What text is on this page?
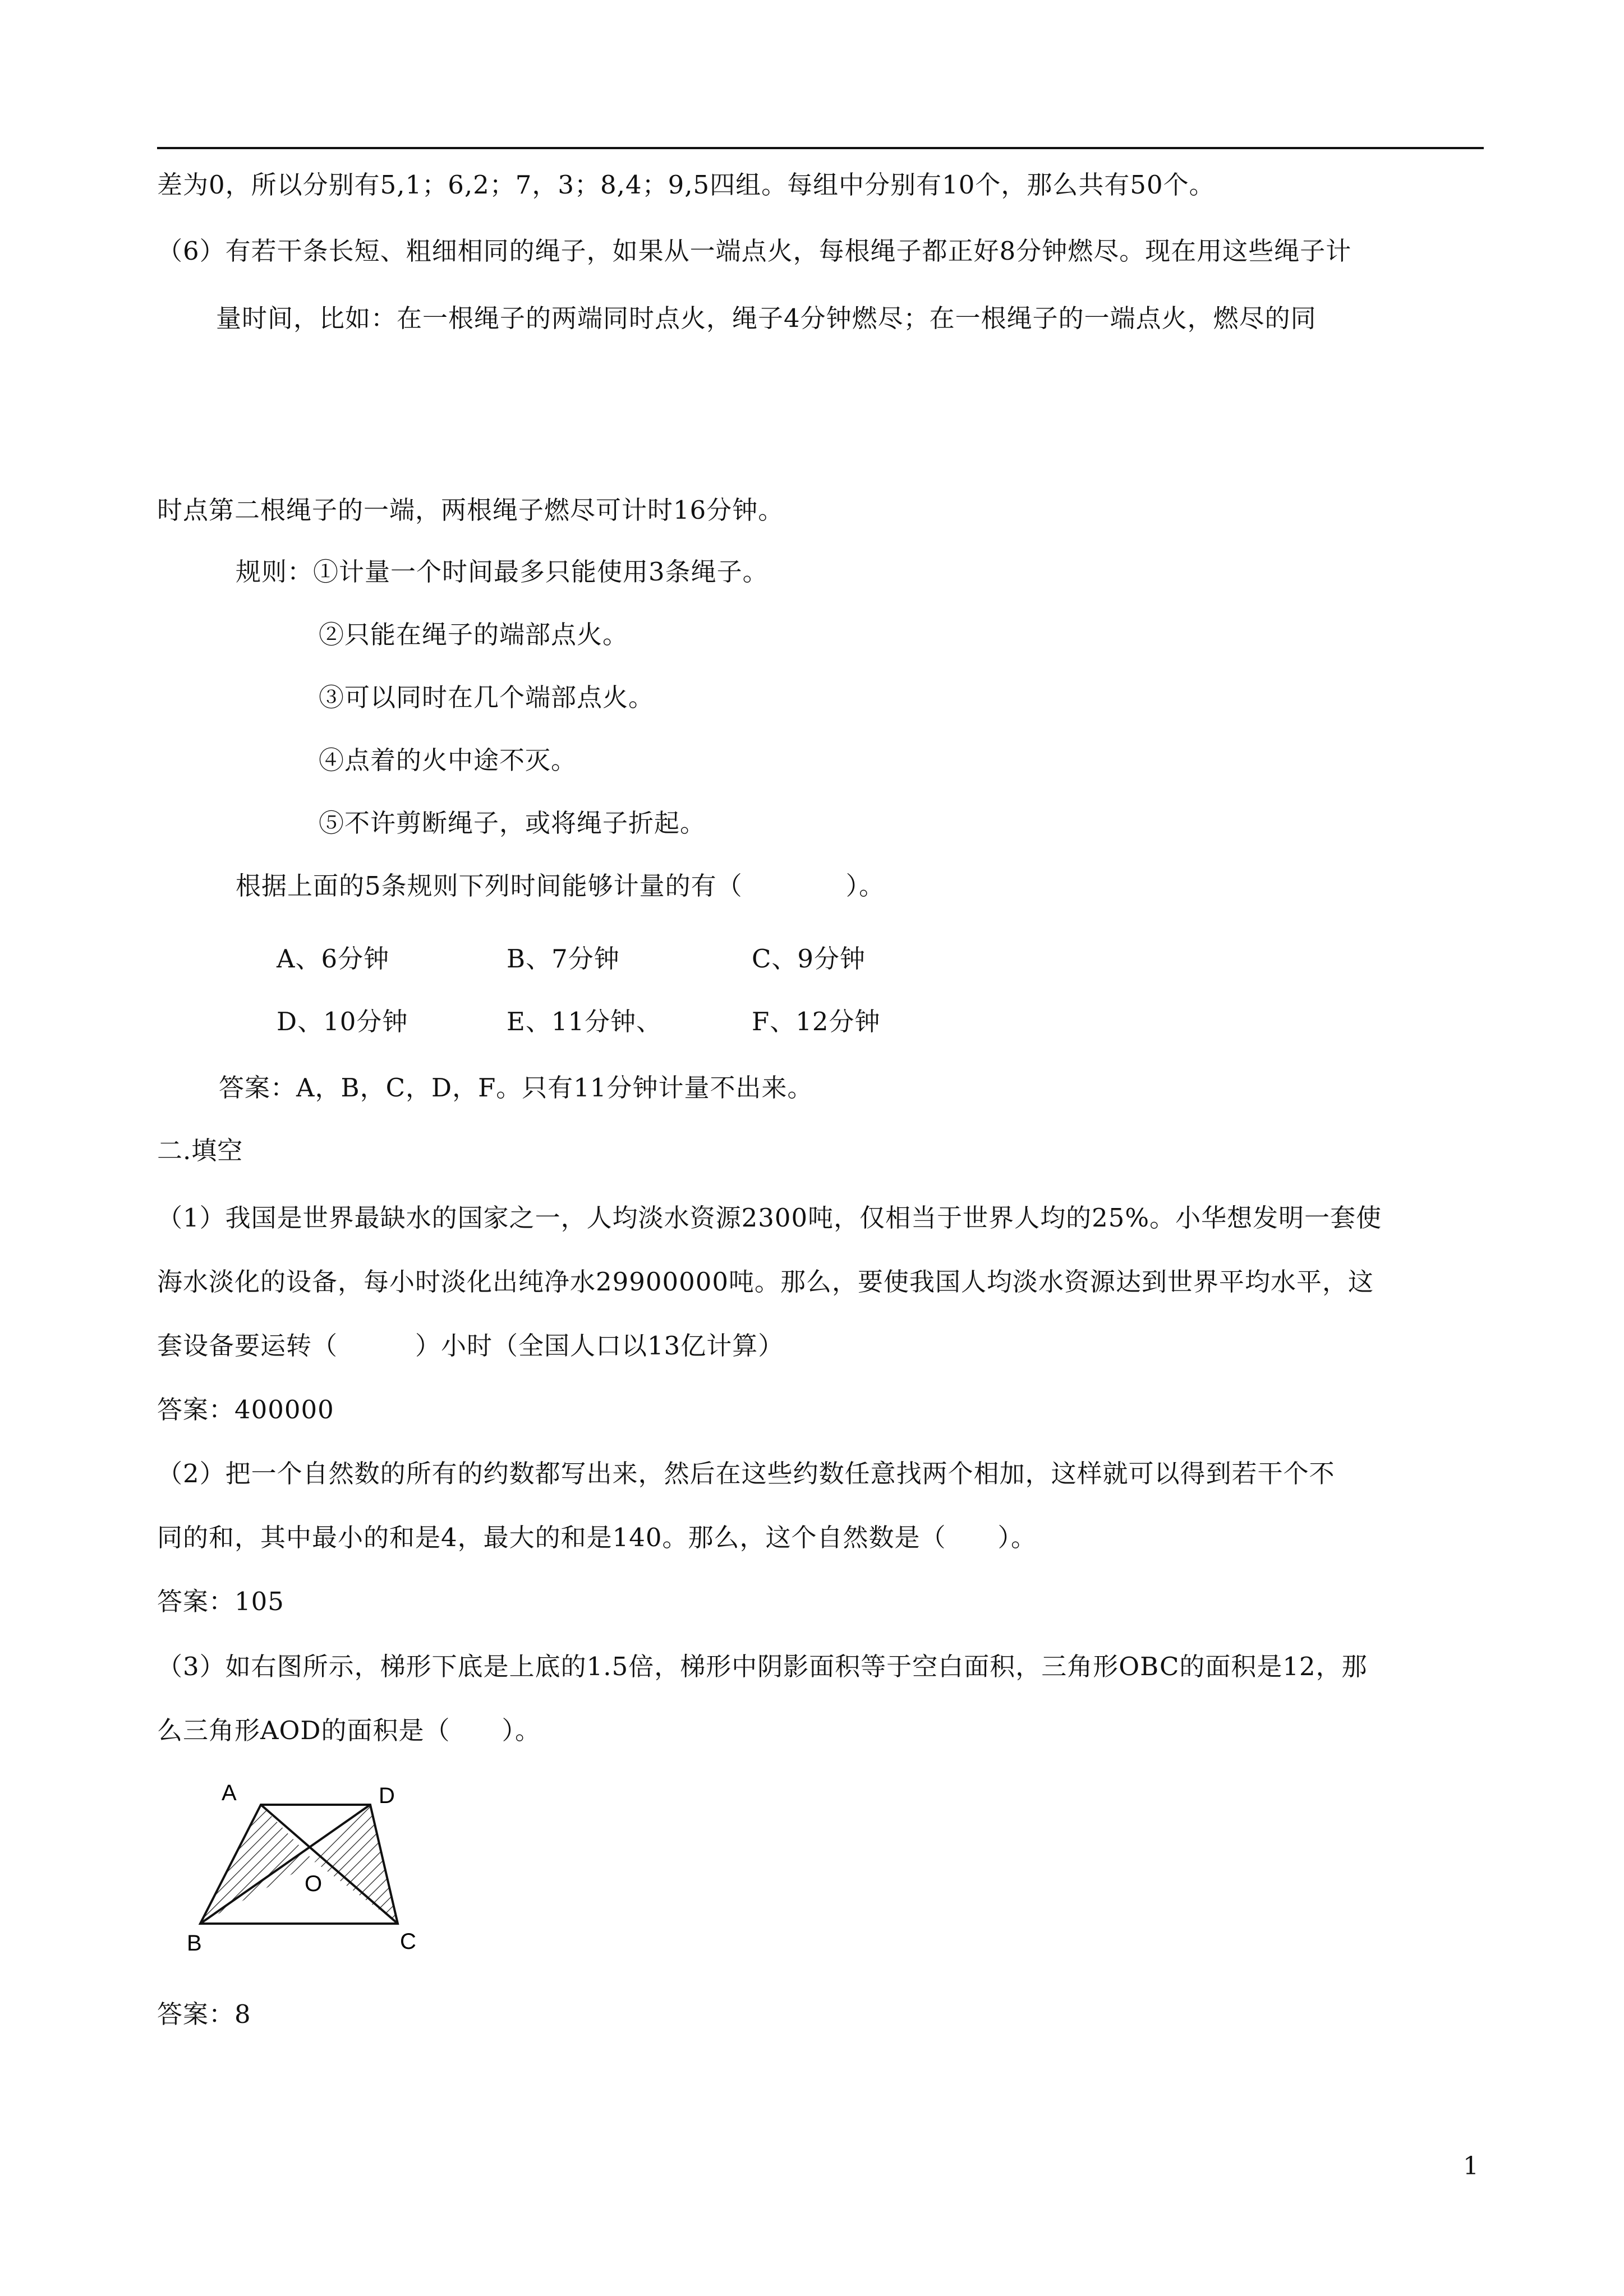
差为0，所以分别有5,1；6,2；7，3；8,4；9,5四组。每组中分别有10个，那么共有50个。
（6）有若干条长短、粗细相同的绳子，如果从一端点火，每根绳子都正好8分钟燃尽。现在用这些绳子计
量时间，比如：在一根绳子的两端同时点火，绳子4分钟燃尽；在一根绳子的一端点火，燃尽的同
时点第二根绳子的一端，两根绳子燃尽可计时16分钟。
规则：①计量一个时间最多只能使用3条绳子。
②只能在绳子的端部点火。
③可以同时在几个端部点火。
④点着的火中途不灭。
⑤不许剪断绳子，或将绳子折起。
根据上面的5条规则下列时间能够计量的有（　　　　）。
A、6分钟	B、7分钟	C、9分钟
D、10分钟	E、11分钟、	F、12分钟
答案：A，B，C，D，F。只有11分钟计量不出来。
二.填空
（1）我国是世界最缺水的国家之一，人均淡水资源2300吨，仅相当于世界人均的25%。小华想发明一套使
海水淡化的设备，每小时淡化出纯净水29900000吨。那么，要使我国人均淡水资源达到世界平均水平，这
套设备要运转（　　　）小时（全国人口以13亿计算）
答案：400000
（2）把一个自然数的所有的约数都写出来，然后在这些约数任意找两个相加，这样就可以得到若干个不
同的和，其中最小的和是4，最大的和是140。那么，这个自然数是（　　）。
答案：105
（3）如右图所示，梯形下底是上底的1.5倍，梯形中阴影面积等于空白面积，三角形OBC的面积是12，那
么三角形AOD的面积是（　　）。
A	D
O
B	C
答案：8
1
